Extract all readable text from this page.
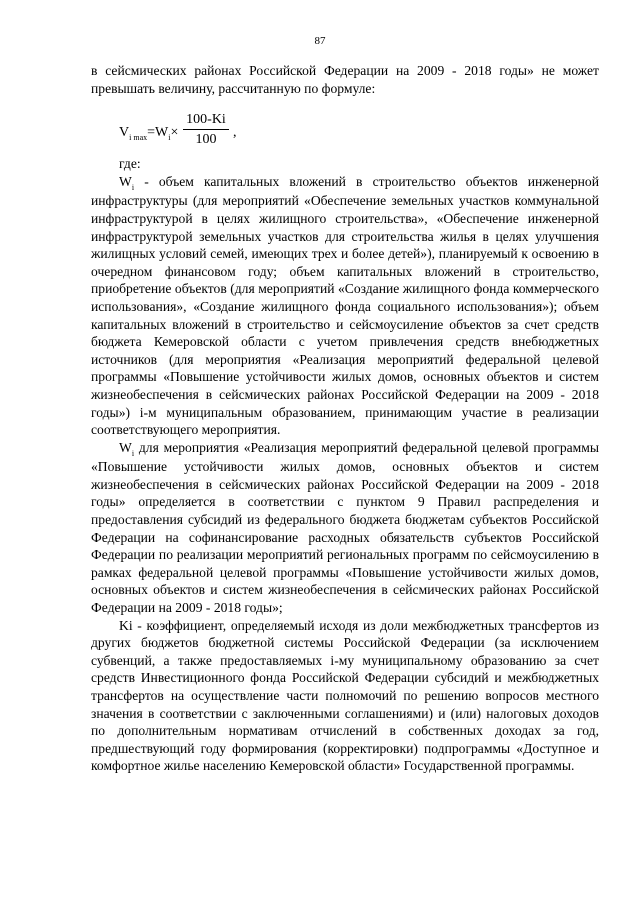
87

в сейсмических районах Российской Федерации на 2009 - 2018 годы» не может превышать величину, рассчитанную по формуле:

$V_{i max}=W_i\times \frac{100-Ki}{100}$ ,

где:

$W_i$ - объем капитальных вложений в строительство объектов инженерной инфраструктуры (для мероприятий «Обеспечение земельных участков коммунальной инфраструктурой в целях жилищного строительства», «Обеспечение инженерной инфраструктурой земельных участков для строительства жилья в целях улучшения жилищных условий семей, имеющих трех и более детей»), планируемый к освоению в очередном финансовом году; объем капитальных вложений в строительство, приобретение объектов (для мероприятий «Создание жилищного фонда коммерческого использования», «Создание жилищного фонда социального использования»); объем капитальных вложений в строительство и сейсмоусиление объектов за счет средств бюджета Кемеровской области с учетом привлечения средств внебюджетных источников (для мероприятия «Реализация мероприятий федеральной целевой программы «Повышение устойчивости жилых домов, основных объектов и систем жизнеобеспечения в сейсмических районах Российской Федерации на 2009 - 2018 годы») i-м муниципальным образованием, принимающим участие в реализации соответствующего мероприятия.

$W_i$ для мероприятия «Реализация мероприятий федеральной целевой программы «Повышение устойчивости жилых домов, основных объектов и систем жизнеобеспечения в сейсмических районах Российской Федерации на 2009 - 2018 годы» определяется в соответствии с пунктом 9 Правил распределения и предоставления субсидий из федерального бюджета бюджетам субъектов Российской Федерации на софинансирование расходных обязательств субъектов Российской Федерации по реализации мероприятий региональных программ по сейсмоусилению в рамках федеральной целевой программы «Повышение устойчивости жилых домов, основных объектов и систем жизнеобеспечения в сейсмических районах Российской Федерации на 2009 - 2018 годы»;

Ki - коэффициент, определяемый исходя из доли межбюджетных трансфертов из других бюджетов бюджетной системы Российской Федерации (за исключением субвенций, а также предоставляемых i-му муниципальному образованию за счет средств Инвестиционного фонда Российской Федерации субсидий и межбюджетных трансфертов на осуществление части полномочий по решению вопросов местного значения в соответствии с заключенными соглашениями) и (или) налоговых доходов по дополнительным нормативам отчислений в собственных доходах за год, предшествующий году формирования (корректировки) подпрограммы «Доступное и комфортное жилье населению Кемеровской области» Государственной программы.
